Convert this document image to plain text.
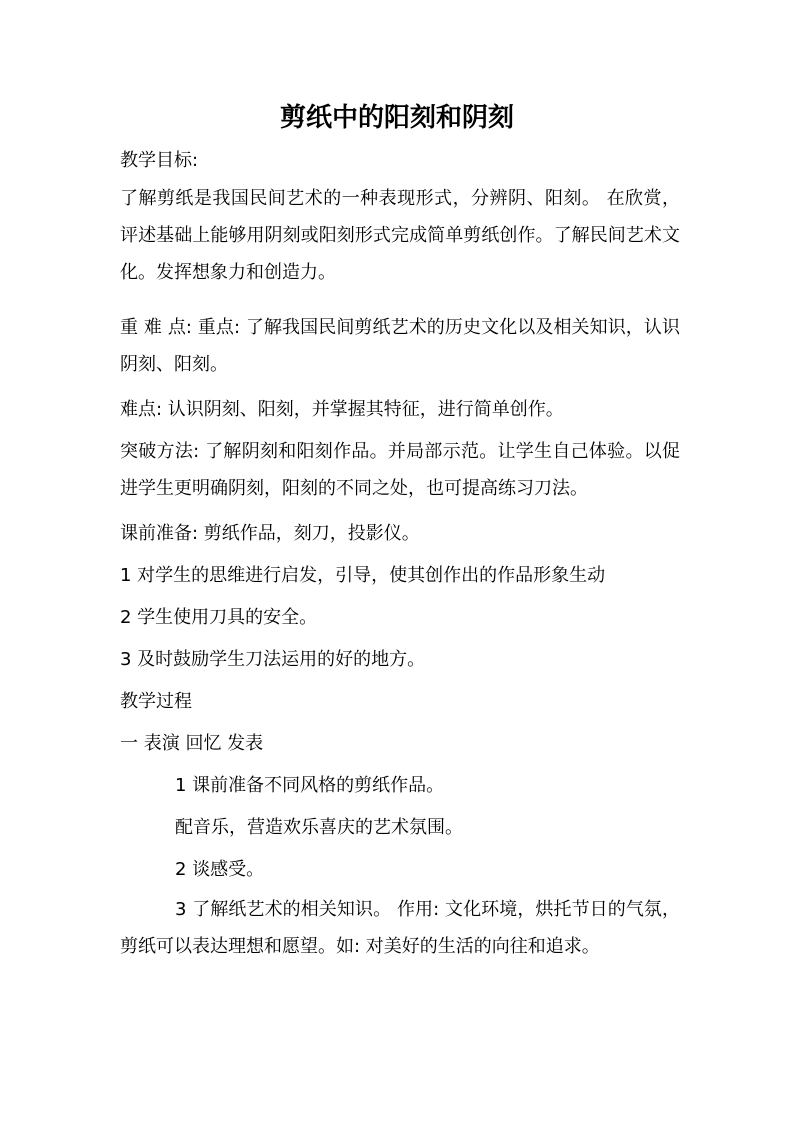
剪纸中的阳刻和阴刻

教学目标:

了解剪纸是我国民间艺术的一种表现形式，分辨阴、阳刻。 在欣赏，评述基础上能够用阴刻或阳刻形式完成简单剪纸创作。了解民间艺术文化。发挥想象力和创造力。

重 难 点: 重点: 了解我国民间剪纸艺术的历史文化以及相关知识，认识阴刻、阳刻。

难点: 认识阴刻、阳刻，并掌握其特征，进行简单创作。

突破方法: 了解阴刻和阳刻作品。并局部示范。让学生自己体验。以促进学生更明确阴刻，阳刻的不同之处，也可提高练习刀法。

课前准备: 剪纸作品，刻刀，投影仪。

1 对学生的思维进行启发，引导，使其创作出的作品形象生动

2 学生使用刀具的安全。

3 及时鼓励学生刀法运用的好的地方。

教学过程

一 表演 回忆 发表

1 课前准备不同风格的剪纸作品。

配音乐，营造欢乐喜庆的艺术氛围。

2 谈感受。

3 了解纸艺术的相关知识。 作用: 文化环境，烘托节日的气氛，剪纸可以表达理想和愿望。如: 对美好的生活的向往和追求。
